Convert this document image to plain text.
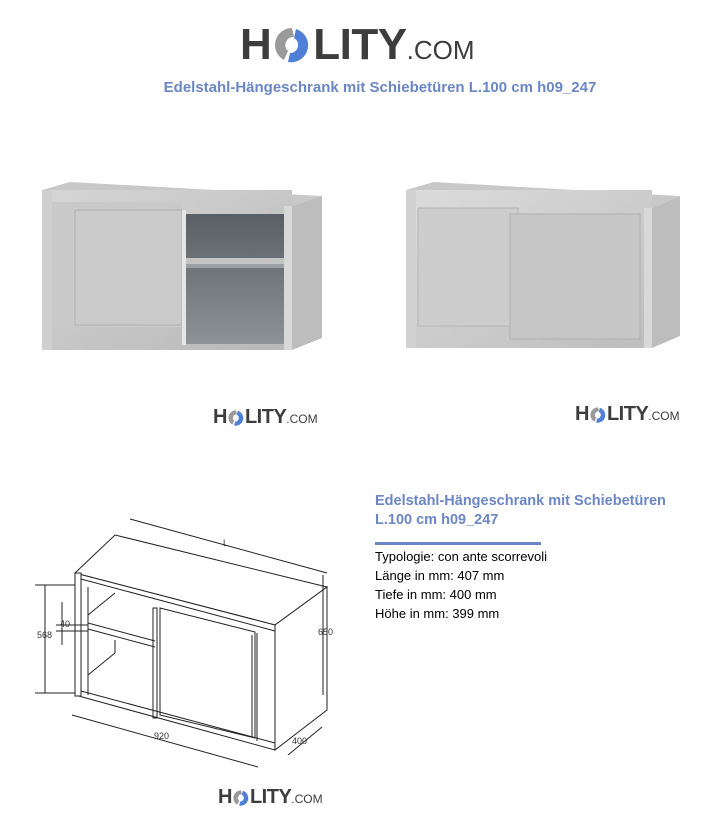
H LITY .COM
Edelstahl-Hängeschrank mit Schiebetüren L.100 cm h09_247
H LITY .COM	H LITY .COM
L
650
568
40
920	400
H LITY .COM
Edelstahl-Hängeschrank mit Schiebetüren
L.100 cm h09_247
Typologie: con ante scorrevoli
Länge in mm: 407 mm
Tiefe in mm: 400 mm
Höhe in mm: 399 mm
